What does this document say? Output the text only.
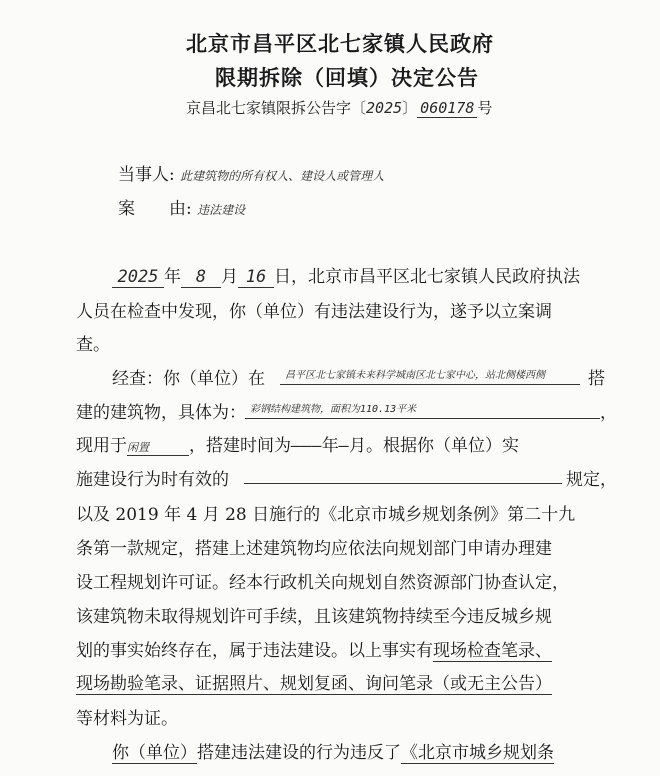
北京市昌平区北七家镇人民政府
限期拆除（回填）决定公告
京昌北七家镇限拆公告字〔2025〕 060178 号
当事人: 此建筑物的所有权人、建设人或管理人
案　　由: 违法建设
2025 年 8 月 16 日，北京市昌平区北七家镇人民政府执法
人员在检查中发现，你（单位）有违法建设行为，遂予以立案调
查。
经查：你（单位）在 昌平区北七家镇未来科学城南区北七家中心，站北侧楼西侧	搭
建的建筑物，具体为： 彩钢结构建筑物，面积为110.13平米	，
现用于闲置 ，搭建时间为———年—月。根据你（单位）实
施建设行为时有效的	规定，
以及 2019 年 4 月 28 日施行的《北京市城乡规划条例》第二十九
条第一款规定，搭建上述建筑物均应依法向规划部门申请办理建
设工程规划许可证。经本行政机关向规划自然资源部门协查认定，
该建筑物未取得规划许可手续，且该建筑物持续至今违反城乡规
划的事实始终存在，属于违法建设。以上事实有现场检查笔录、
现场勘验笔录、证据照片、规划复函、询问笔录（或无主公告）
等材料为证。
你（单位）搭建违法建设的行为违反了《北京市城乡规划条
